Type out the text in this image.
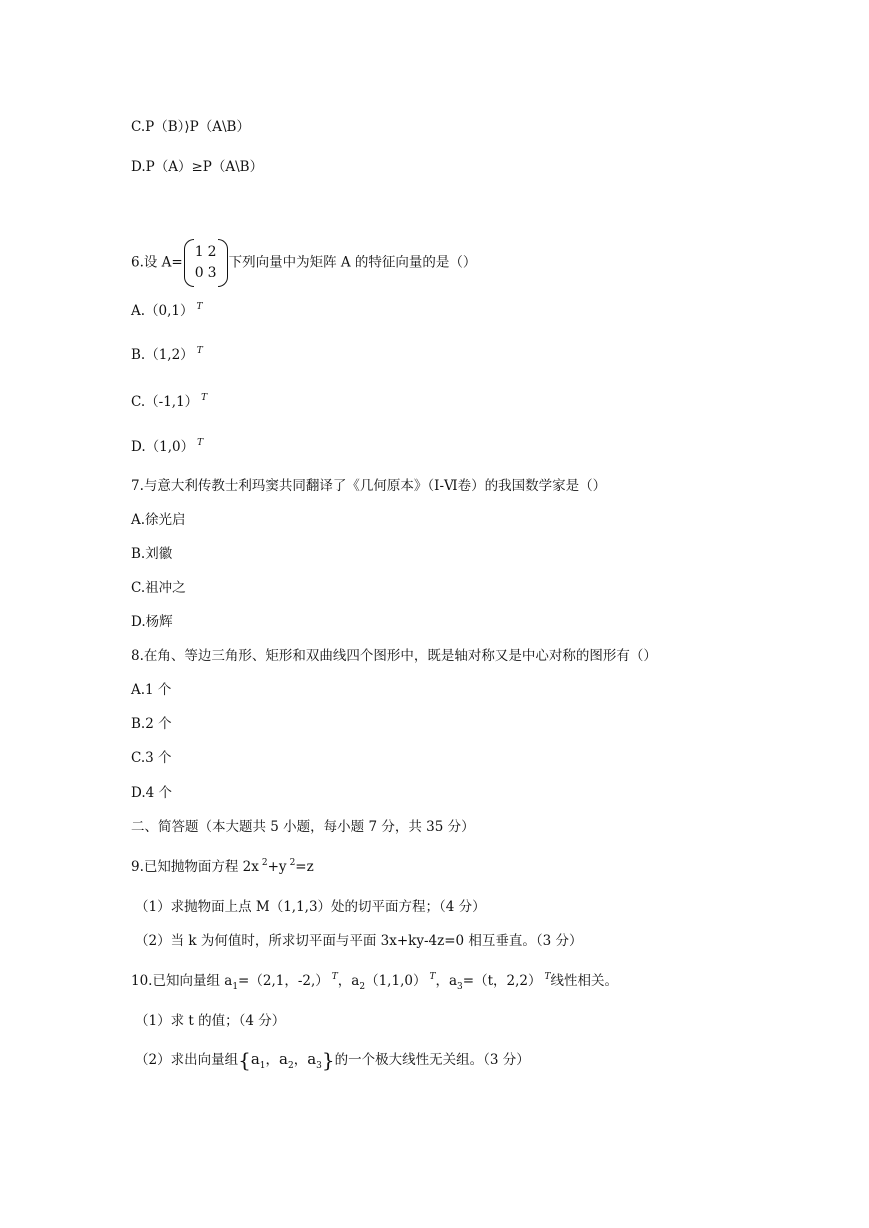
C.P（B）⟩P（A\B）
D.P（A）≥P（A\B）
6.设 A=
1	2
0	3
下列向量中为矩阵 A 的特征向量的是（）
A.（0,1） $^T$
B.（1,2） $^T$
C.（-1,1） $^T$
D.（1,0） $^T$
7.与意大利传教士利玛窦共同翻译了《几何原本》（Ⅰ-Ⅵ卷）的我国数学家是（）
A.徐光启
B.刘徽
C.祖冲之
D.杨辉
8.在角、等边三角形、矩形和双曲线四个图形中，既是轴对称又是中心对称的图形有（）
A.1 个
B.2 个
C.3 个
D.4 个
二、简答题（本大题共 5 小题，每小题 7 分，共 35 分）
9.已知抛物面方程 2x $^2$+y $^2$=z
（1）求抛物面上点 M（1,1,3）处的切平面方程；（4 分）
（2）当 k 为何值时，所求切平面与平面 3x+ky-4z=0 相互垂直。（3 分）
10.已知向量组 $a_1=(2,1$，-2,） $^T$，$a_2(1,1,0)$ $^T$，$a_3=(t$，2,2） $^T$线性相关。
（1）求 t 的值；（4 分）
（2）求出向量组{$a_1$，$a_2$，$a_3$}的一个极大线性无关组。（3 分）
